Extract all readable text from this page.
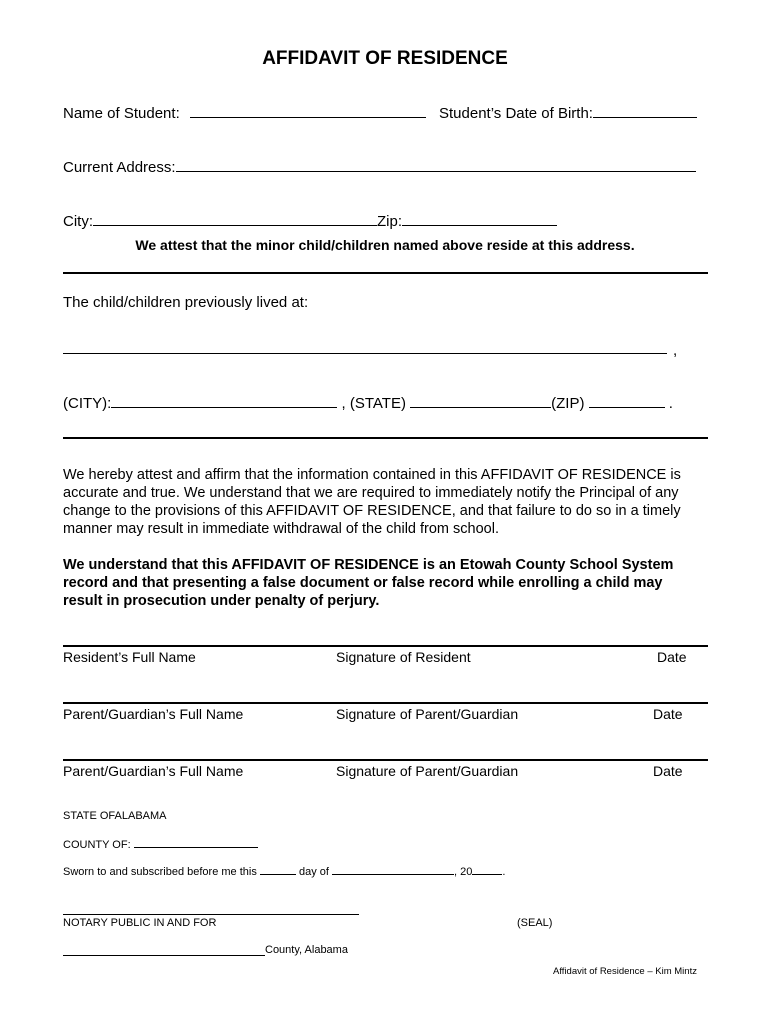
AFFIDAVIT OF RESIDENCE
Name of Student:	Student’s Date of Birth:
Current Address:
City:	Zip:
We attest that the minor child/children named above reside at this address.
The child/children previously lived at:
,
(CITY):	, (STATE)	(ZIP)	.
We hereby attest and affirm that the information contained in this AFFIDAVIT OF RESIDENCE is accurate and true. We understand that we are required to immediately notify the Principal of any change to the provisions of this AFFIDAVIT OF RESIDENCE, and that failure to do so in a timely manner may result in immediate withdrawal of the child from school.
We understand that this AFFIDAVIT OF RESIDENCE is an Etowah County School System record and that presenting a false document or false record while enrolling a child may result in prosecution under penalty of perjury.
Resident’s Full Name	Signature of Resident	Date
Parent/Guardian’s Full Name	Signature of Parent/Guardian	Date
Parent/Guardian’s Full Name	Signature of Parent/Guardian	Date
STATE OFALABAMA
COUNTY OF:
Sworn to and subscribed before me this	day of	, 20	.
NOTARY PUBLIC IN AND FOR	(SEAL)
County, Alabama
Affidavit of Residence – Kim Mintz
